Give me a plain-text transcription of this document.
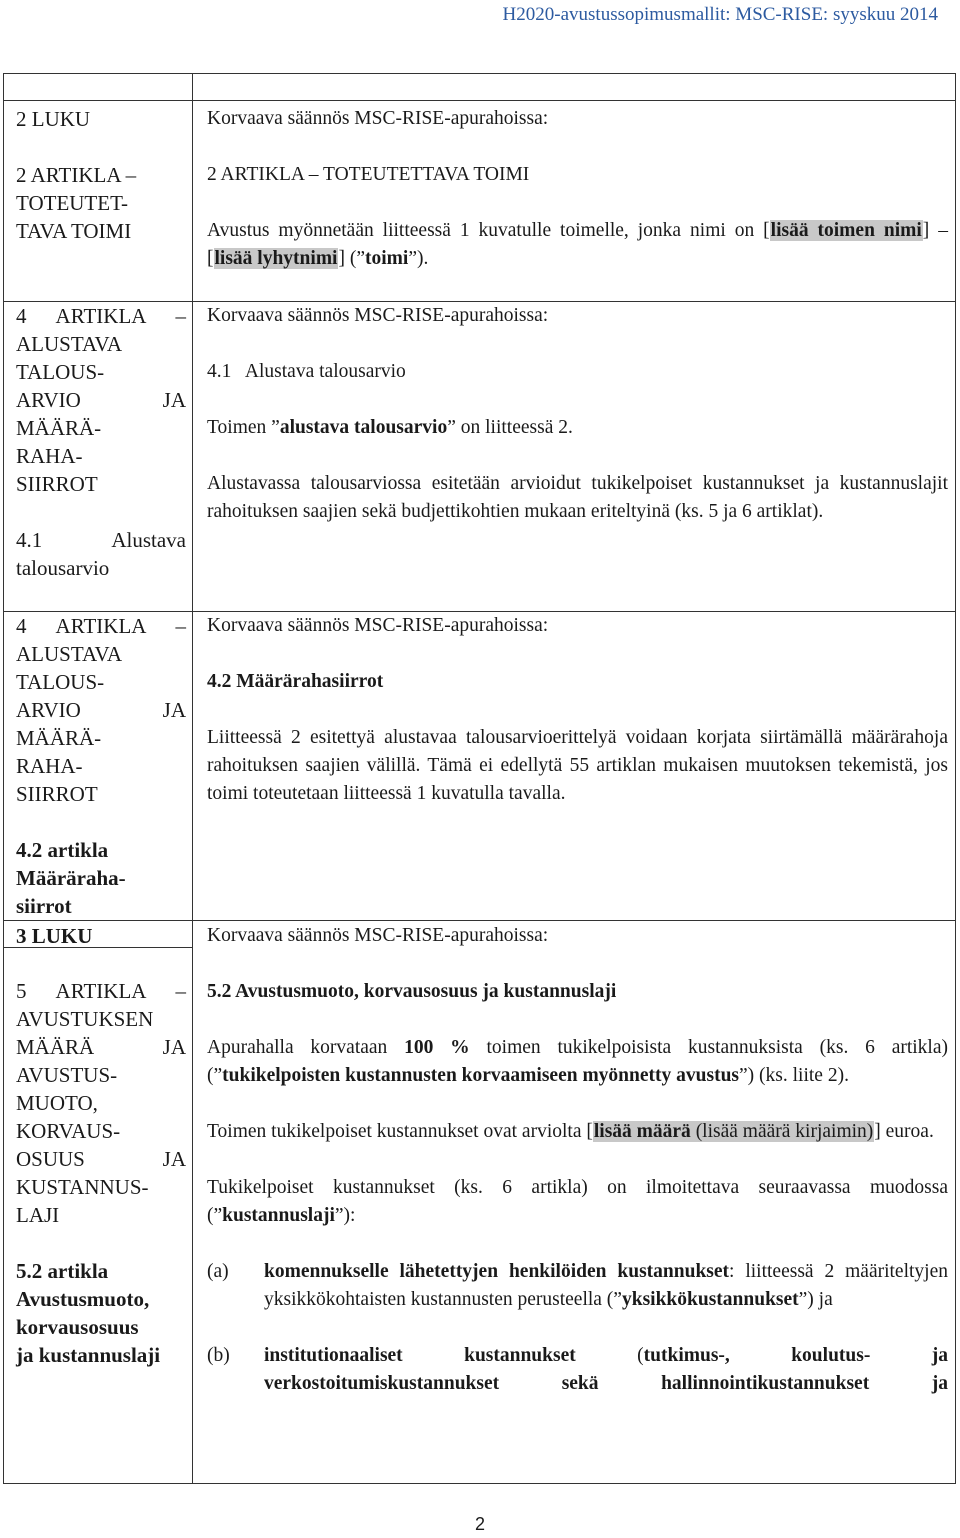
H2020-avustussopimusmallit: MSC-RISE: syyskuu 2014
2 LUKU
2 ARTIKLA –
TOTEUTET-
TAVA TOIMI
4 ARTIKLA –
ALUSTAVA
TALOUS-
ARVIO JA
MÄÄRÄ-
RAHA-
SIIRROT
4.1 Alustava
talousarvio
4 ARTIKLA –
ALUSTAVA
TALOUS-
ARVIO JA
MÄÄRÄ-
RAHA-
SIIRROT
4.2 artikla
Määräraha-
siirrot
3 LUKU
5 ARTIKLA –
AVUSTUKSEN
MÄÄRÄ JA
AVUSTUS-
MUOTO,
KORVAUS-
OSUUS JA
KUSTANNUS-
LAJI
5.2 artikla
Avustusmuoto,
korvausosuus
ja kustannuslaji

Korvaava säännös MSC-RISE-apurahoissa:

2 ARTIKLA – TOTEUTETTAVA TOIMI

Avustus myönnetään liitteessä 1 kuvatulle toimelle, jonka nimi on [lisää toimen nimi] – [lisää lyhytnimi] (”toimi”).

Korvaava säännös MSC-RISE-apurahoissa:

4.1   Alustava talousarvio

Toimen ”alustava talousarvio” on liitteessä 2.

Alustavassa talousarviossa esitetään arvioidut tukikelpoiset kustannukset ja kustannuslajit rahoituksen saajien sekä budjettikohtien mukaan eriteltyinä (ks. 5 ja 6 artiklat).

Korvaava säännös MSC-RISE-apurahoissa:

4.2 Määrärahasiirrot

Liitteessä 2 esitettyä alustavaa talousarvioerittelyä voidaan korjata siirtämällä määrärahoja rahoituksen saajien välillä. Tämä ei edellytä 55 artiklan mukaisen muutoksen tekemistä, jos toimi toteutetaan liitteessä 1 kuvatulla tavalla.

Korvaava säännös MSC-RISE-apurahoissa:

5.2 Avustusmuoto, korvausosuus ja kustannuslaji

Apurahalla korvataan 100 % toimen tukikelpoisista kustannuksista (ks. 6 artikla) (”tukikelpoisten kustannusten korvaamiseen myönnetty avustus”) (ks. liite 2).

Toimen tukikelpoiset kustannukset ovat arviolta [lisää määrä (lisää määrä kirjaimin)] euroa.

Tukikelpoiset kustannukset (ks. 6 artikla) on ilmoitettava seuraavassa muodossa (”kustannuslaji”):

(a)	komennukselle lähetettyjen henkilöiden kustannukset: liitteessä 2 määriteltyjen yksikkökohtaisten kustannusten perusteella (”yksikkökustannukset”) ja
(b)	institutionaaliset kustannukset (tutkimus-, koulutus- ja verkostoitumiskustannukset sekä hallinnointikustannukset ja
2
